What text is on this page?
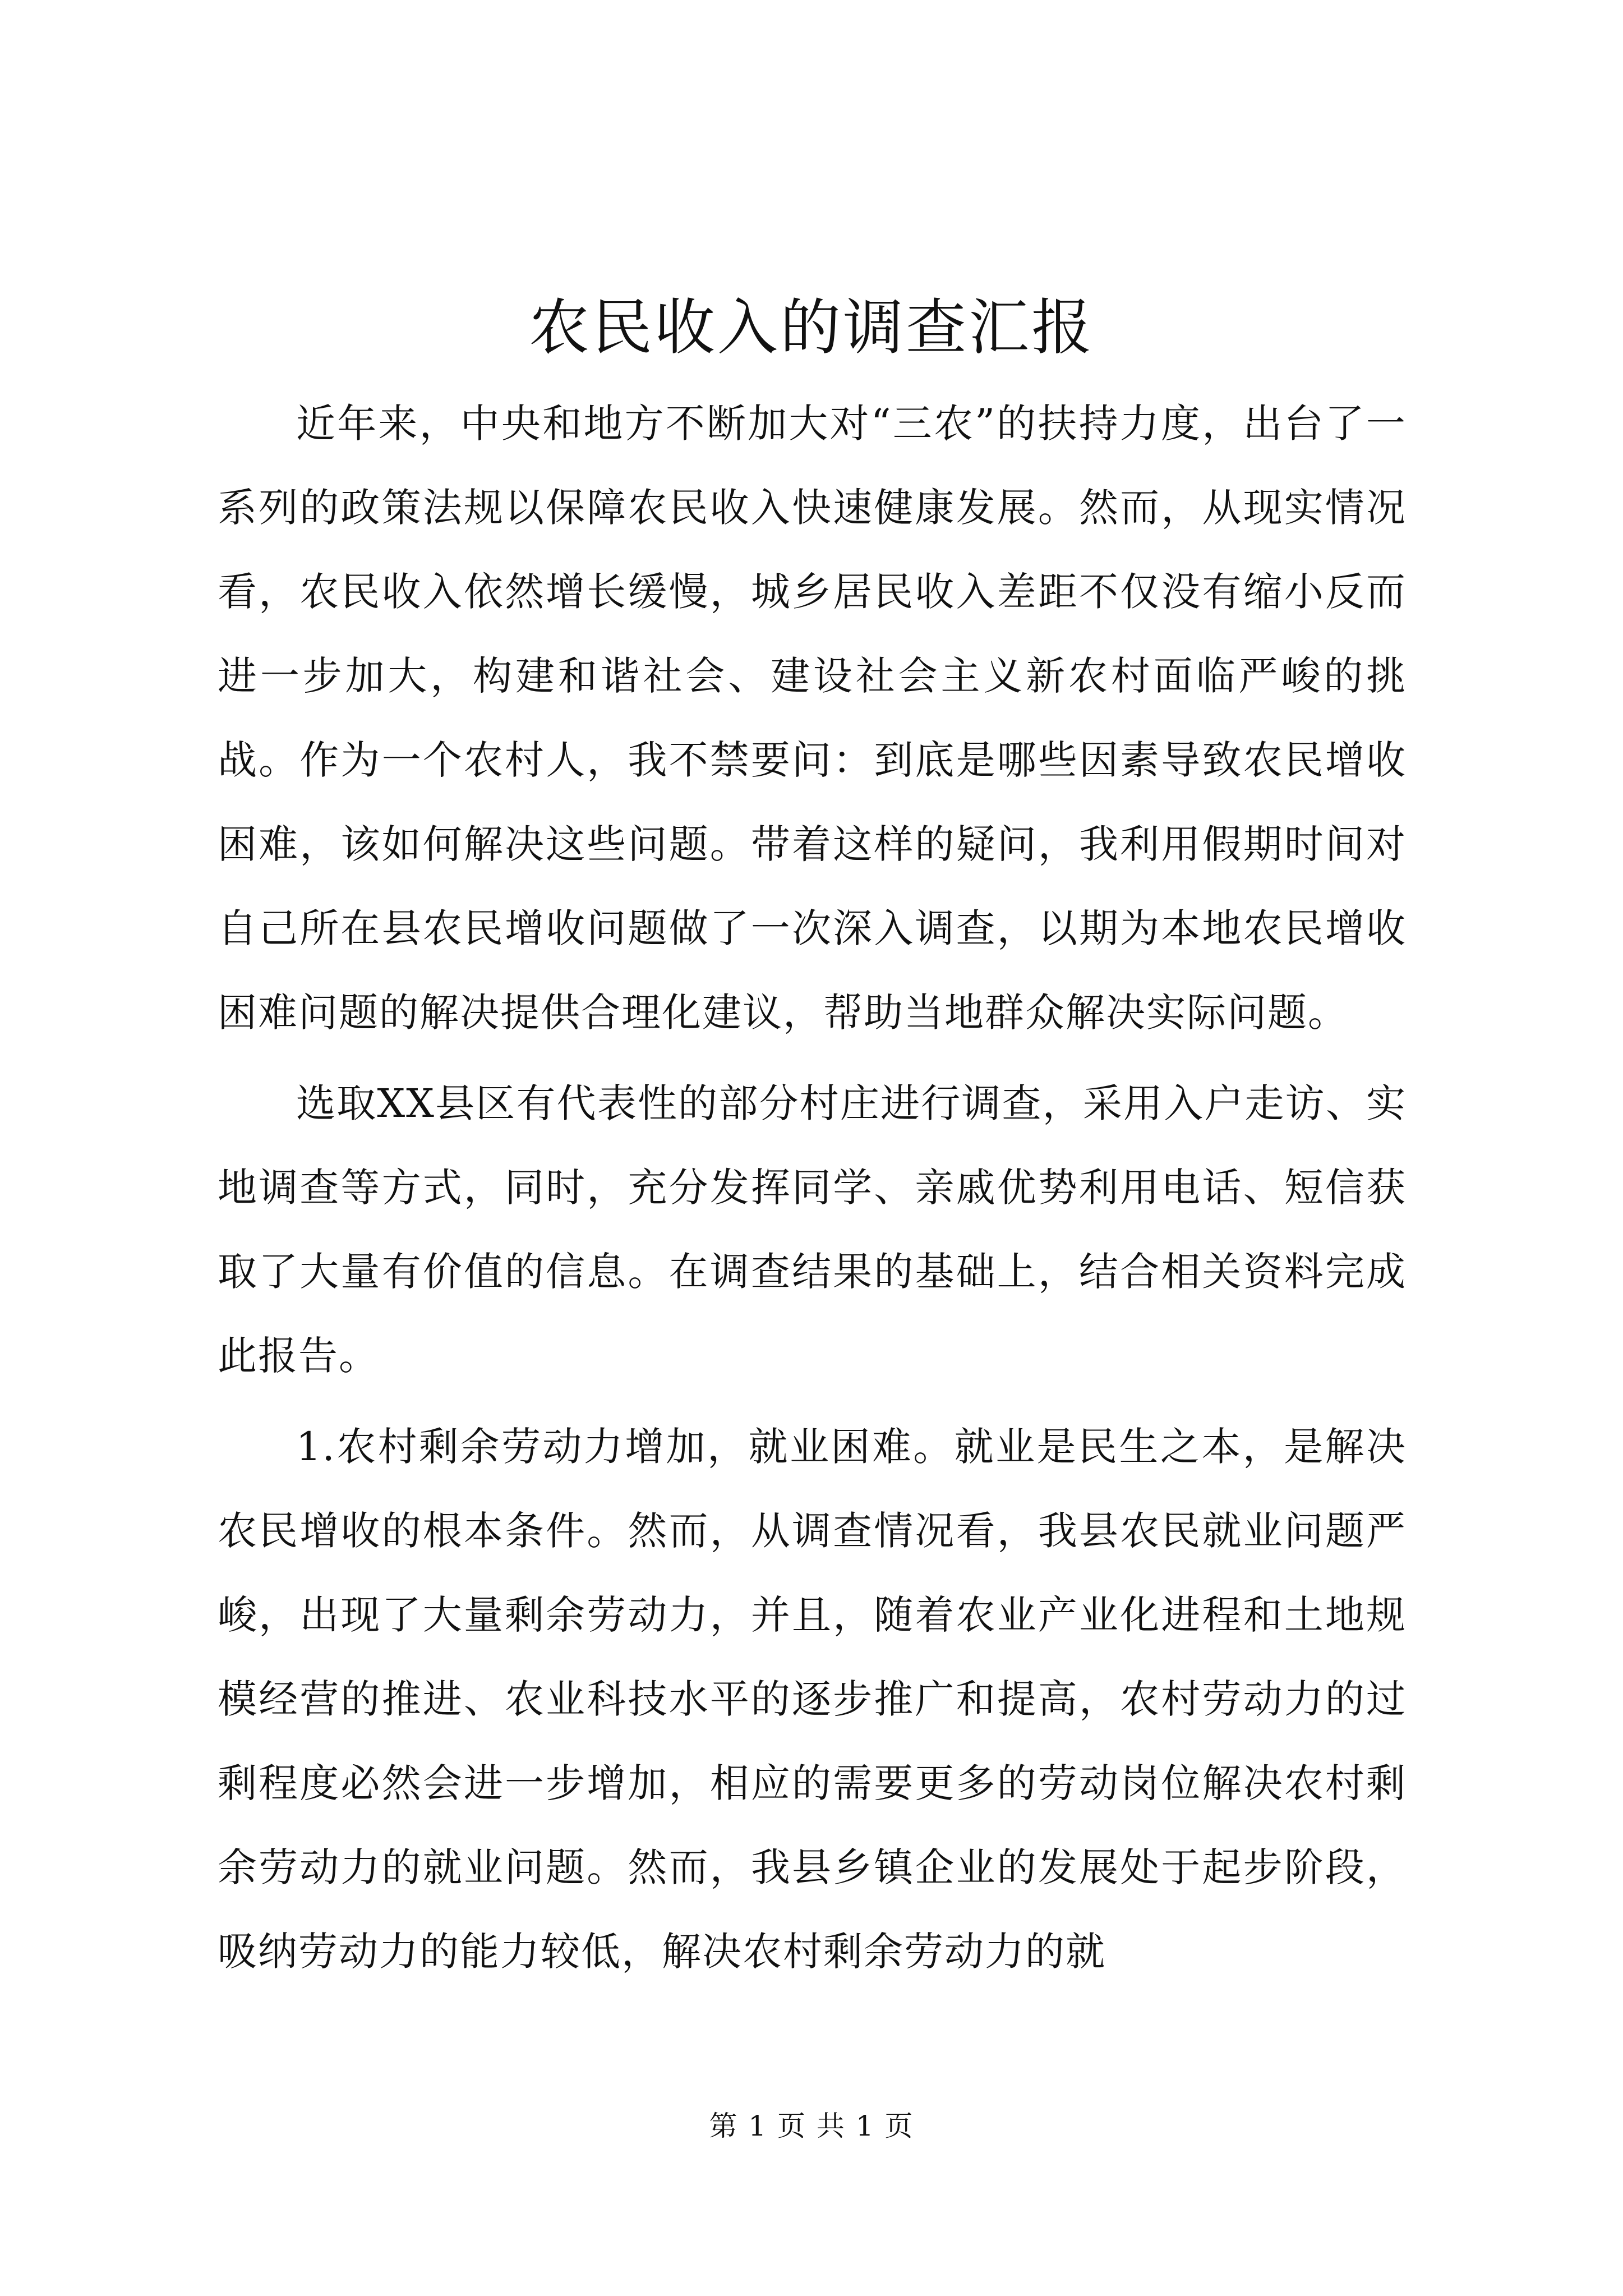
农民收入的调查汇报

近年来，中央和地方不断加大对“三农”的扶持力度，出台了一系列的政策法规以保障农民收入快速健康发展。然而，从现实情况看，农民收入依然增长缓慢，城乡居民收入差距不仅没有缩小反而进一步加大，构建和谐社会、建设社会主义新农村面临严峻的挑战。作为一个农村人，我不禁要问：到底是哪些因素导致农民增收困难，该如何解决这些问题。带着这样的疑问，我利用假期时间对自己所在县农民增收问题做了一次深入调查，以期为本地农民增收困难问题的解决提供合理化建议，帮助当地群众解决实际问题。

选取XX县区有代表性的部分村庄进行调查，采用入户走访、实地调查等方式，同时，充分发挥同学、亲戚优势利用电话、短信获取了大量有价值的信息。在调查结果的基础上，结合相关资料完成此报告。

1.农村剩余劳动力增加，就业困难。就业是民生之本，是解决农民增收的根本条件。然而，从调查情况看，我县农民就业问题严峻，出现了大量剩余劳动力，并且，随着农业产业化进程和土地规模经营的推进、农业科技水平的逐步推广和提高，农村劳动力的过剩程度必然会进一步增加，相应的需要更多的劳动岗位解决农村剩余劳动力的就业问题。然而，我县乡镇企业的发展处于起步阶段，吸纳劳动力的能力较低，解决农村剩余劳动力的就

第 1 页 共 1 页
